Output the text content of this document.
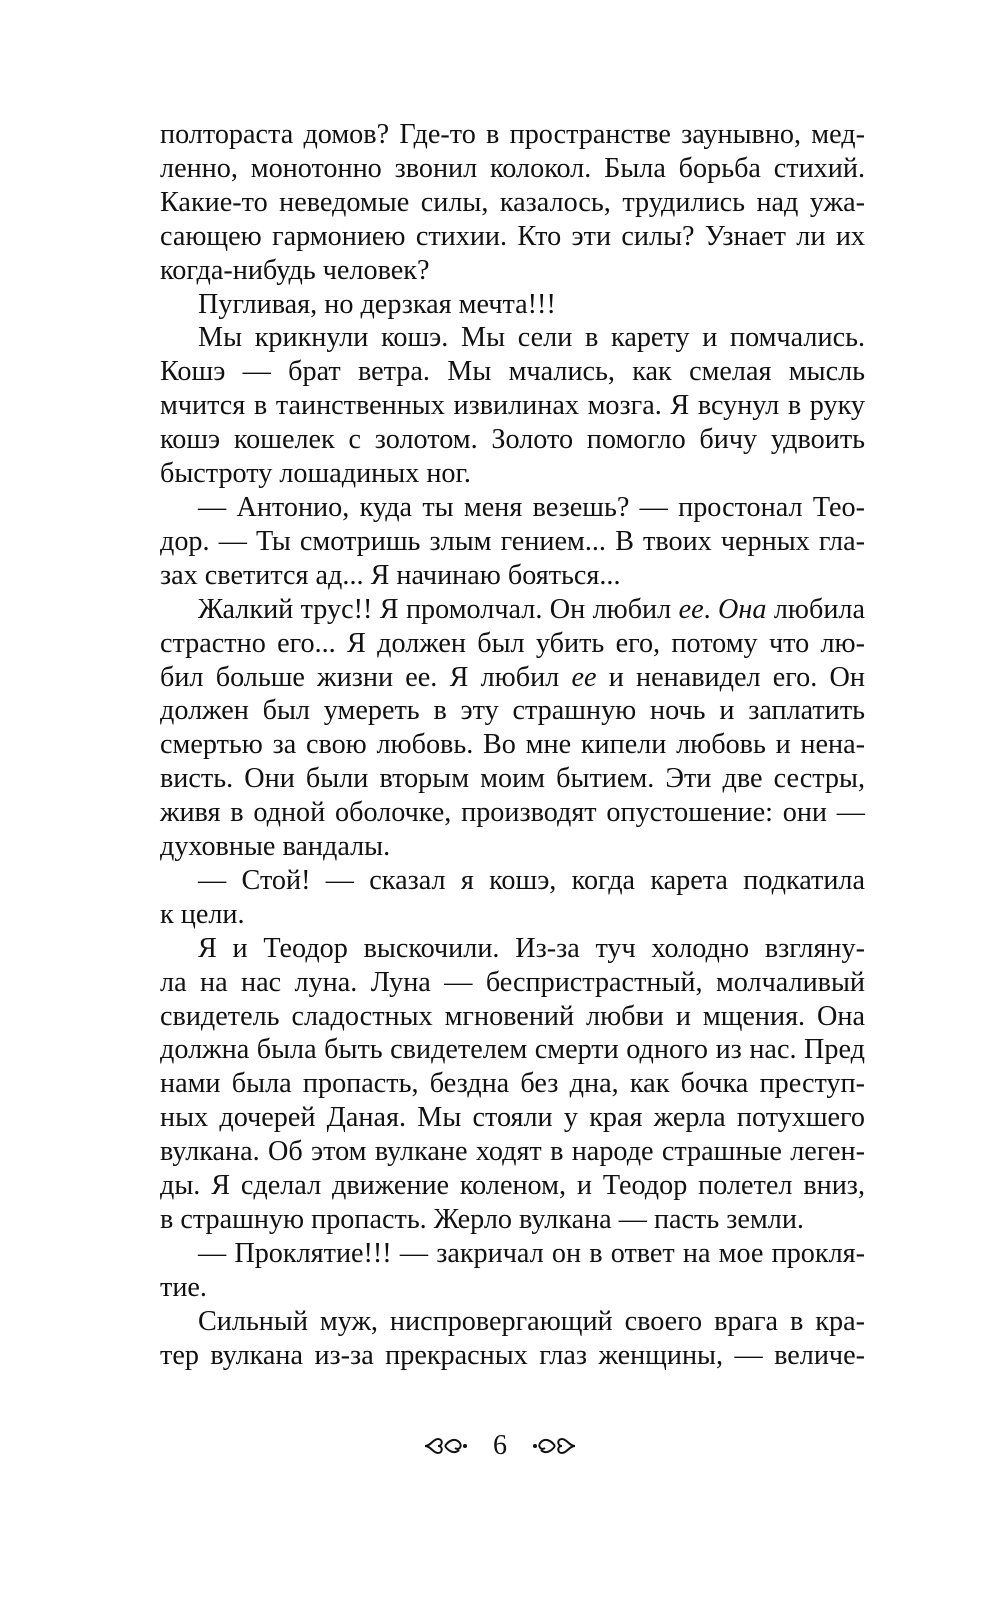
полтораста домов? Где-то в пространстве заунывно, мед-
ленно, монотонно звонил колокол. Была борьба стихий.
Какие-то неведомые силы, казалось, трудились над ужа-
сающею гармониею стихии. Кто эти силы? Узнает ли их
когда-нибудь человек?
Пугливая, но дерзкая мечта!!!
Мы крикнули кошэ. Мы сели в карету и помчались.
Кошэ — брат ветра. Мы мчались, как смелая мысль
мчится в таинственных извилинах мозга. Я всунул в руку
кошэ кошелек с золотом. Золото помогло бичу удвоить
быстроту лошадиных ног.
— Антонио, куда ты меня везешь? — простонал Тео-
дор. — Ты смотришь злым гением... В твоих черных гла-
зах светится ад... Я начинаю бояться...
Жалкий трус!! Я промолчал. Он любил ее. Она любила
страстно его... Я должен был убить его, потому что лю-
бил больше жизни ее. Я любил ее и ненавидел его. Он
должен был умереть в эту страшную ночь и заплатить
смертью за свою любовь. Во мне кипели любовь и нена-
висть. Они были вторым моим бытием. Эти две сестры,
живя в одной оболочке, производят опустошение: они —
духовные вандалы.
— Стой! — сказал я кошэ, когда карета подкатила
к цели.
Я и Теодор выскочили. Из-за туч холодно взгляну-
ла на нас луна. Луна — беспристрастный, молчаливый
свидетель сладостных мгновений любви и мщения. Она
должна была быть свидетелем смерти одного из нас. Пред
нами была пропасть, бездна без дна, как бочка преступ-
ных дочерей Даная. Мы стояли у края жерла потухшего
вулкана. Об этом вулкане ходят в народе страшные леген-
ды. Я сделал движение коленом, и Теодор полетел вниз,
в страшную пропасть. Жерло вулкана — пасть земли.
— Проклятие!!! — закричал он в ответ на мое прокля-
тие.
Сильный муж, ниспровергающий своего врага в кра-
тер вулкана из-за прекрасных глаз женщины, — величе-
6
